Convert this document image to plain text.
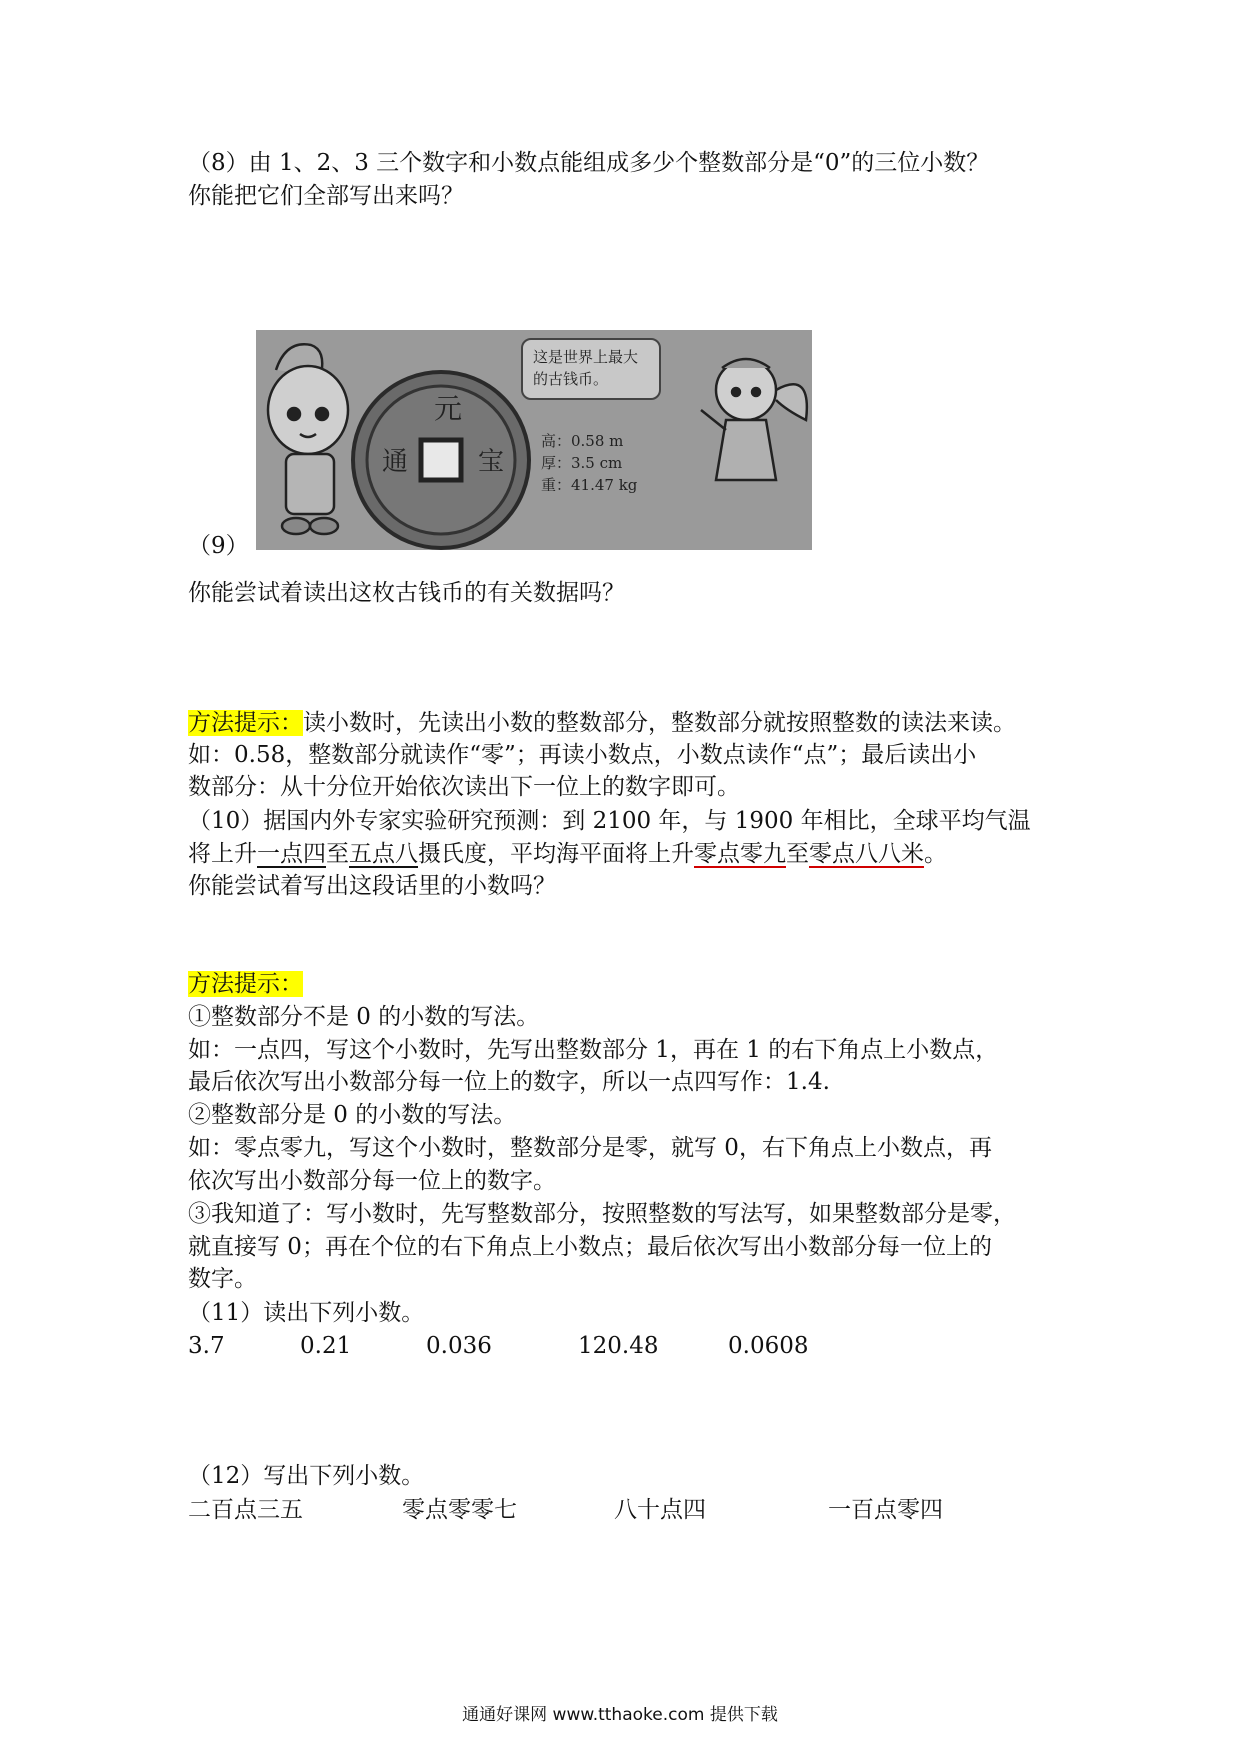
（8）由 1、2、3 三个数字和小数点能组成多少个整数部分是“0”的三位小数？
你能把它们全部写出来吗？
（9）
元
通	宝
这是世界上最大
的古钱币。
高：0.58 m
厚：3.5 cm
重：41.47 kg
你能尝试着读出这枚古钱币的有关数据吗？
方法提示：读小数时，先读出小数的整数部分，整数部分就按照整数的读法来读。
如：0.58，整数部分就读作“零”；再读小数点，小数点读作“点”；最后读出小
数部分：从十分位开始依次读出下一位上的数字即可。
（10）据国内外专家实验研究预测：到 2100 年，与 1900 年相比，全球平均气温
将上升一点四至五点八摄氏度，平均海平面将上升零点零九至零点八八米。
你能尝试着写出这段话里的小数吗？
方法提示：
①整数部分不是 0 的小数的写法。
如：一点四，写这个小数时，先写出整数部分 1，再在 1 的右下角点上小数点，
最后依次写出小数部分每一位上的数字，所以一点四写作：1.4.
②整数部分是 0 的小数的写法。
如：零点零九，写这个小数时，整数部分是零，就写 0，右下角点上小数点，再
依次写出小数部分每一位上的数字。
③我知道了：写小数时，先写整数部分，按照整数的写法写，如果整数部分是零，
就直接写 0；再在个位的右下角点上小数点；最后依次写出小数部分每一位上的
数字。
（11）读出下列小数。
3.7	0.21	0.036	120.48	0.0608
（12）写出下列小数。
二百点三五	零点零零七	八十点四	一百点零四
通通好课网 www.tthaoke.com 提供下载
